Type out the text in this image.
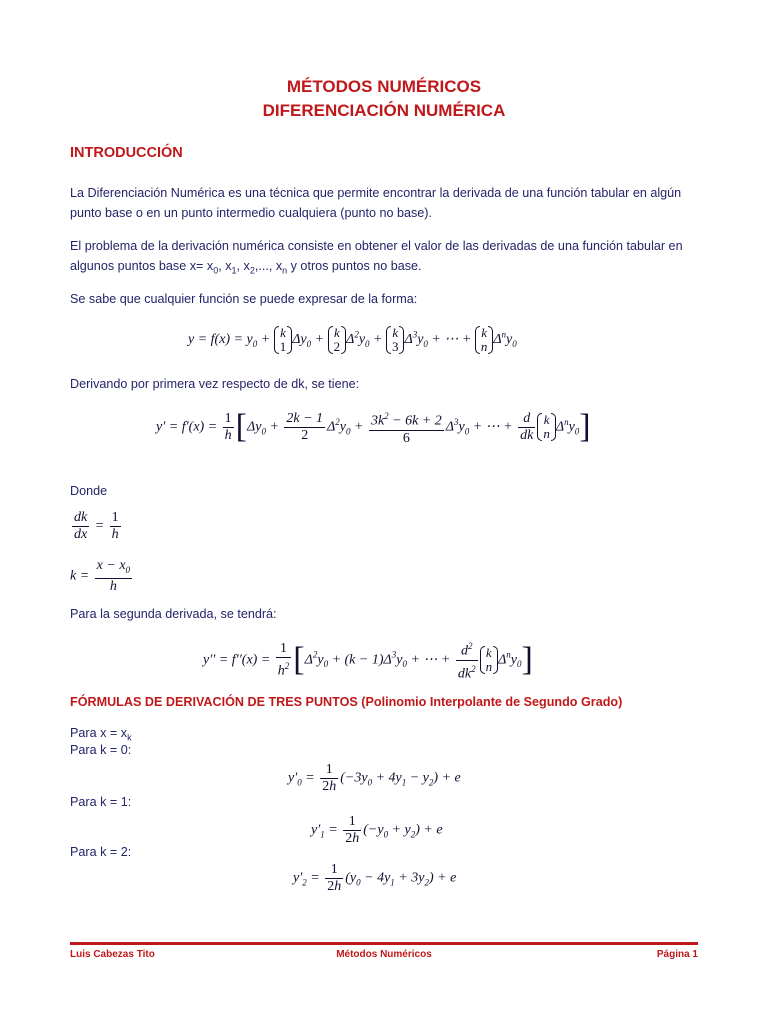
MÉTODOS NUMÉRICOS
DIFERENCIACIÓN NUMÉRICA
INTRODUCCIÓN
La Diferenciación Numérica es una técnica que permite encontrar la derivada de una función tabular en algún punto base o en un punto intermedio cualquiera (punto no base).
El problema de la derivación numérica consiste en obtener el valor de las derivadas de una función tabular en algunos puntos base $x= x_0$, $x_1$, $x_2$,..., $x_n$ y otros puntos no base.
Se sabe que cualquier función se puede expresar de la forma:
$y = f(x) = y_0 + k$
1 $\Delta y_0 + k$
2 $\Delta^2y_0 + k$
3 $\Delta^3y_0$ + ⋯ + k
n $\Delta^ny_0$
Derivando por primera vez respecto de dk, se tiene:
$y' = f'(x) = \frac{1}{h} [\Delta y_0 + \frac{2k - 1}{2} \Delta^2y_0 + \frac{3k^2 - 6k + 2}{6} \Delta^3y_0$ + ⋯ + $\frac{d}{dk}$ k
n $\Delta^ny_0$]
Donde
$\frac{dk}{dx} = \frac{1}{h}$
$k = \frac{x - x_0}{h}$
Para la segunda derivada, se tendrá:
$y'' = f''(x) = \frac{1}{h^2} [\Delta^2y_0 + (k - 1)\Delta^3y_0$ + ⋯ + $\frac{d^2}{dk^2}$ k
n $\Delta^ny_0$]
FÓRMULAS DE DERIVACIÓN DE TRES PUNTOS (Polinomio Interpolante de Segundo Grado)
Para $x = x_k$
Para k = 0:
$y'_0 = \frac{1}{2h} (-3y_0 + 4y_1 - y_2) + e$
Para k = 1:
$y'_1 = \frac{1}{2h} (-y_0 + y_2) + e$
Para k = 2:
$y'_2 = \frac{1}{2h} (y_0 - 4y_1 + 3y_2) + e$
Luis Cabezas Tito	Métodos Numéricos	Página 1
